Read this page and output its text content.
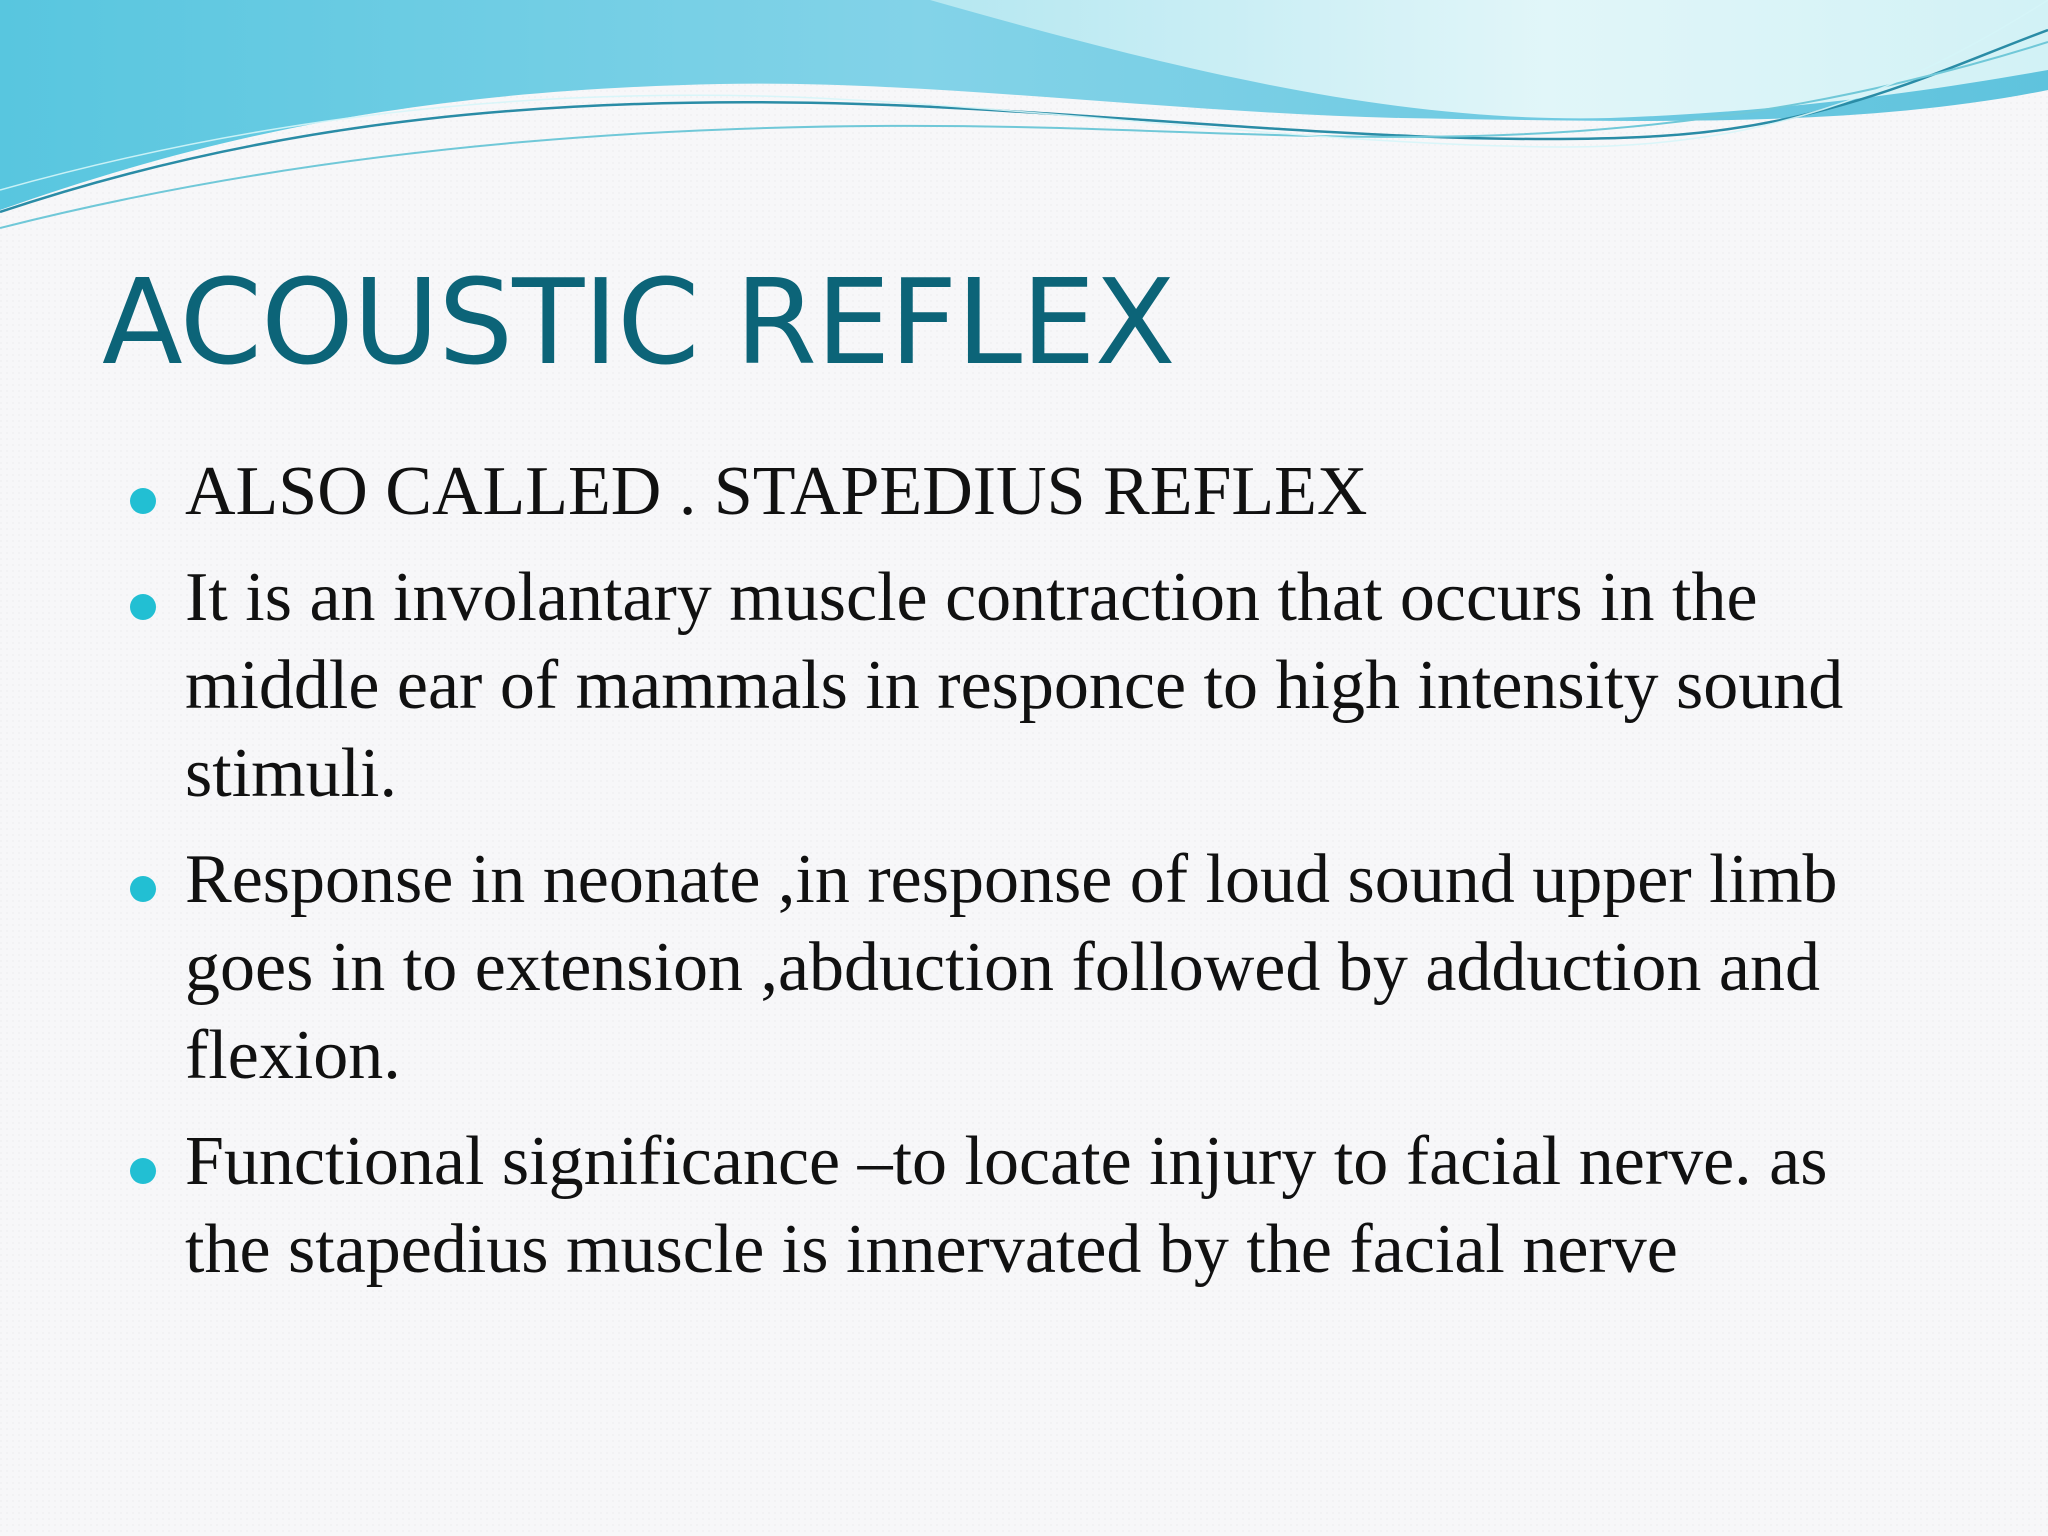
ACOUSTIC REFLEX
ALSO CALLED . STAPEDIUS REFLEX
It is an involantary muscle contraction that occurs in the middle ear of mammals in responce to high intensity sound stimuli.
Response in neonate ,in response of loud sound upper limb goes in to extension ,abduction followed by adduction and flexion.
Functional significance –to locate injury to facial nerve. as the stapedius muscle is innervated by the facial nerve
